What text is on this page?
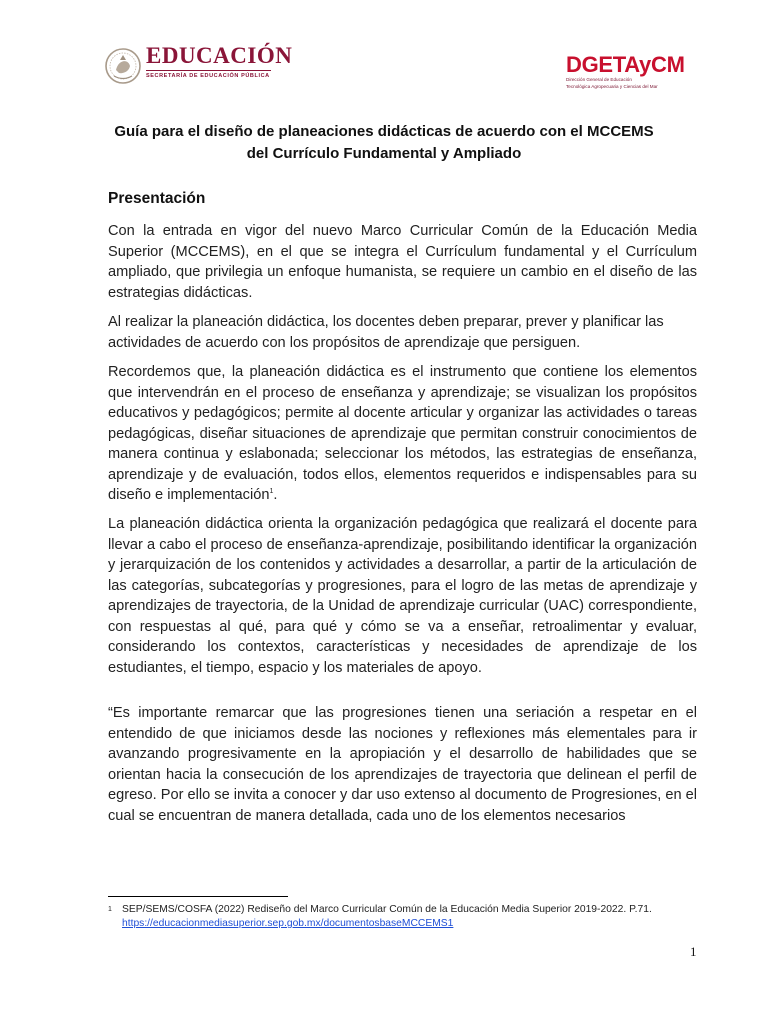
EDUCACIÓN
SECRETARÍA DE EDUCACIÓN PÚBLICA	DGETAyCM
Dirección General de Educación
Tecnológica Agropecuaria y Ciencias del Mar
Guía para el diseño de planeaciones didácticas de acuerdo con el MCCEMS
del Currículo Fundamental y Ampliado
Presentación

Con la entrada en vigor del nuevo Marco Curricular Común de la Educación Media Superior (MCCEMS), en el que se integra el Currículum fundamental y el Currículum ampliado, que privilegia un enfoque humanista, se requiere un cambio en el diseño de las estrategias didácticas.

Al realizar la planeación didáctica, los docentes deben preparar, prever y planificar las actividades de acuerdo con los propósitos de aprendizaje que persiguen.

Recordemos que, la planeación didáctica es el instrumento que contiene los elementos que intervendrán en el proceso de enseñanza y aprendizaje; se visualizan los propósitos educativos y pedagógicos; permite al docente articular y organizar las actividades o tareas pedagógicas, diseñar situaciones de aprendizaje que permitan construir conocimientos de manera continua y eslabonada; seleccionar los métodos, las estrategias de enseñanza, aprendizaje y de evaluación, todos ellos, elementos requeridos e indispensables para su diseño e implementación$^1$.

La planeación didáctica orienta la organización pedagógica que realizará el docente para llevar a cabo el proceso de enseñanza-aprendizaje, posibilitando identificar la organización y jerarquización de los contenidos y actividades a desarrollar, a partir de la articulación de las categorías, subcategorías y progresiones, para el logro de las metas de aprendizaje y aprendizajes de trayectoria, de la Unidad de aprendizaje curricular (UAC) correspondiente, con respuestas al qué, para qué y cómo se va a enseñar, retroalimentar y evaluar, considerando los contextos, características y necesidades de aprendizaje de los estudiantes, el tiempo, espacio y los materiales de apoyo.

“Es importante remarcar que las progresiones tienen una seriación a respetar en el entendido de que iniciamos desde las nociones y reflexiones más elementales para ir avanzando progresivamente en la apropiación y el desarrollo de habilidades que se orientan hacia la consecución de los aprendizajes de trayectoria que delinean el perfil de egreso. Por ello se invita a conocer y dar uso extenso al documento de Progresiones, en el cual se encuentran de manera detallada, cada uno de los elementos necesarios

1 SEP/SEMS/COSFA (2022) Rediseño del Marco Curricular Común de la Educación Media Superior 2019-2022. P.71. https://educacionmediasuperior.sep.gob.mx/documentosbaseMCCEMS1
1
